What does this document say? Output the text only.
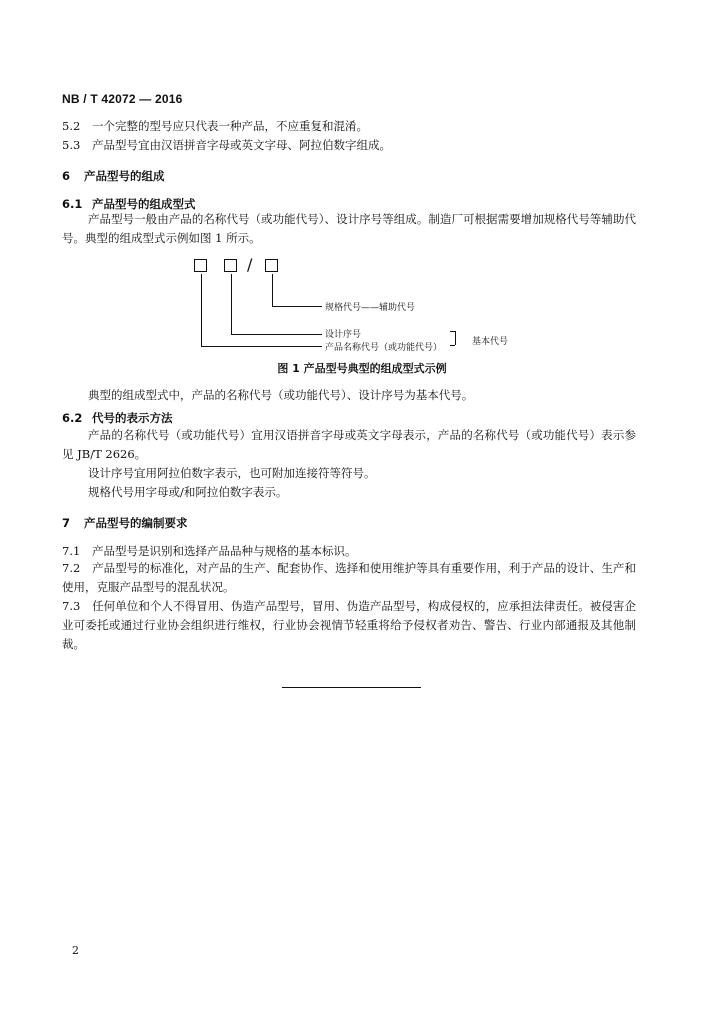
NB / T 42072 — 2016
5.2 一个完整的型号应只代表一种产品，不应重复和混淆。
5.3 产品型号宜由汉语拼音字母或英文字母、阿拉伯数字组成。
6 产品型号的组成
6.1 产品型号的组成型式
产品型号一般由产品的名称代号（或功能代号）、设计序号等组成。制造厂可根据需要增加规格代号等辅助代号。典型的组成型式示例如图 1 所示。
/
规格代号——辅助代号
设计序号
产品名称代号（或功能代号）
基本代号
图 1 产品型号典型的组成型式示例
典型的组成型式中，产品的名称代号（或功能代号）、设计序号为基本代号。
6.2 代号的表示方法
产品的名称代号（或功能代号）宜用汉语拼音字母或英文字母表示，产品的名称代号（或功能代号）表示参见 JB/T 2626。
设计序号宜用阿拉伯数字表示，也可附加连接符等符号。
规格代号用字母或/和阿拉伯数字表示。
7 产品型号的编制要求
7.1 产品型号是识别和选择产品品种与规格的基本标识。
7.2 产品型号的标准化，对产品的生产、配套协作、选择和使用维护等具有重要作用，利于产品的设计、生产和使用，克服产品型号的混乱状况。
7.3 任何单位和个人不得冒用、伪造产品型号，冒用、伪造产品型号，构成侵权的，应承担法律责任。被侵害企业可委托或通过行业协会组织进行维权，行业协会视情节轻重将给予侵权者劝告、警告、行业内部通报及其他制裁。
2
